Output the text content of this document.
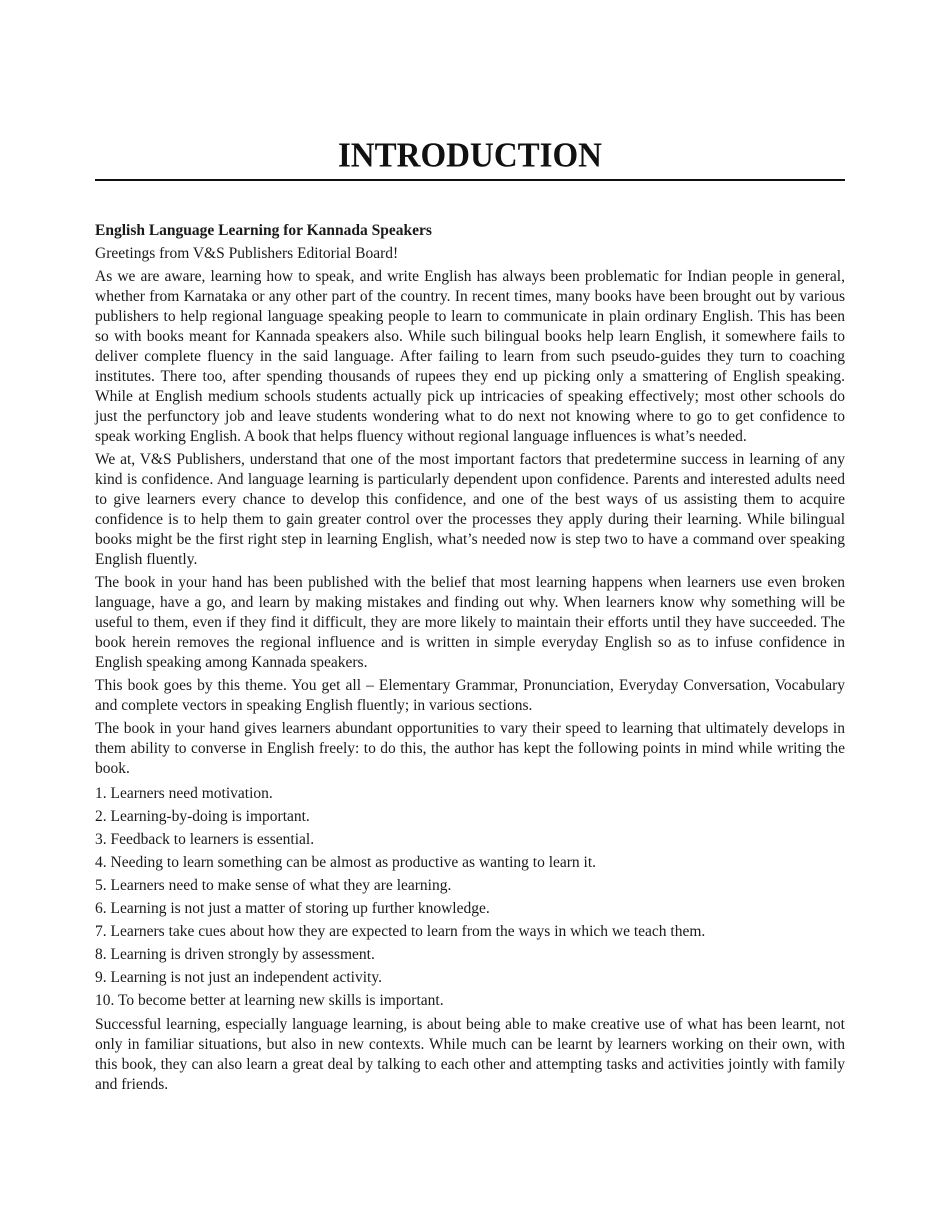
INTRODUCTION

English Language Learning for Kannada Speakers

Greetings from V&S Publishers Editorial Board!

As we are aware, learning how to speak, and write English has always been problematic for Indian people in general, whether from Karnataka or any other part of the country. In recent times, many books have been brought out by various publishers to help regional language speaking people to learn to communicate in plain ordinary English. This has been so with books meant for Kannada speakers also. While such bilingual books help learn English, it somewhere fails to deliver complete fluency in the said language. After failing to learn from such pseudo-guides they turn to coaching institutes. There too, after spending thousands of rupees they end up picking only a smattering of English speaking. While at English medium schools students actually pick up intricacies of speaking effectively; most other schools do just the perfunctory job and leave students wondering what to do next not knowing where to go to get confidence to speak working English. A book that helps fluency without regional language influences is what’s needed.

We at, V&S Publishers, understand that one of the most important factors that predetermine success in learning of any kind is confidence. And language learning is particularly dependent upon confidence. Parents and interested adults need to give learners every chance to develop this confidence, and one of the best ways of us assisting them to acquire confidence is to help them to gain greater control over the processes they apply during their learning. While bilingual books might be the first right step in learning English, what’s needed now is step two to have a command over speaking English fluently.

The book in your hand has been published with the belief that most learning happens when learners use even broken language, have a go, and learn by making mistakes and finding out why. When learners know why something will be useful to them, even if they find it difficult, they are more likely to maintain their efforts until they have succeeded. The book herein removes the regional influence and is written in simple everyday English so as to infuse confidence in English speaking among Kannada speakers.

This book goes by this theme. You get all – Elementary Grammar, Pronunciation, Everyday Conversation, Vocabulary and complete vectors in speaking English fluently; in various sections.

The book in your hand gives learners abundant opportunities to vary their speed to learning that ultimately develops in them ability to converse in English freely: to do this, the author has kept the following points in mind while writing the book.

1. Learners need motivation.

2. Learning-by-doing is important.

3. Feedback to learners is essential.

4. Needing to learn something can be almost as productive as wanting to learn it.

5. Learners need to make sense of what they are learning.

6. Learning is not just a matter of storing up further knowledge.

7. Learners take cues about how they are expected to learn from the ways in which we teach them.

8. Learning is driven strongly by assessment.

9. Learning is not just an independent activity.

10. To become better at learning new skills is important.

Successful learning, especially language learning, is about being able to make creative use of what has been learnt, not only in familiar situations, but also in new contexts. While much can be learnt by learners working on their own, with this book, they can also learn a great deal by talking to each other and attempting tasks and activities jointly with family and friends.
